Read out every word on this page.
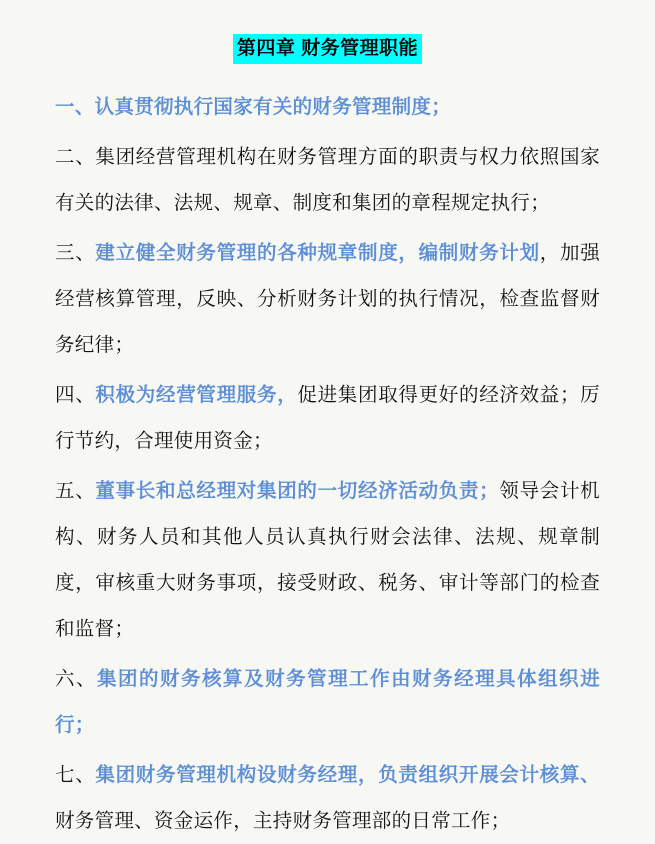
第四章 财务管理职能

一、认真贯彻执行国家有关的财务管理制度；

二、集团经营管理机构在财务管理方面的职责与权力依照国家有关的法律、法规、规章、制度和集团的章程规定执行；

三、建立健全财务管理的各种规章制度，编制财务计划，加强经营核算管理，反映、分析财务计划的执行情况，检查监督财务纪律；

四、积极为经营管理服务，促进集团取得更好的经济效益；厉行节约，合理使用资金；

五、董事长和总经理对集团的一切经济活动负责；领导会计机构、财务人员和其他人员认真执行财会法律、法规、规章制度，审核重大财务事项，接受财政、税务、审计等部门的检查和监督；

六、集团的财务核算及财务管理工作由财务经理具体组织进行；

七、集团财务管理机构设财务经理，负责组织开展会计核算、财务管理、资金运作，主持财务管理部的日常工作；
